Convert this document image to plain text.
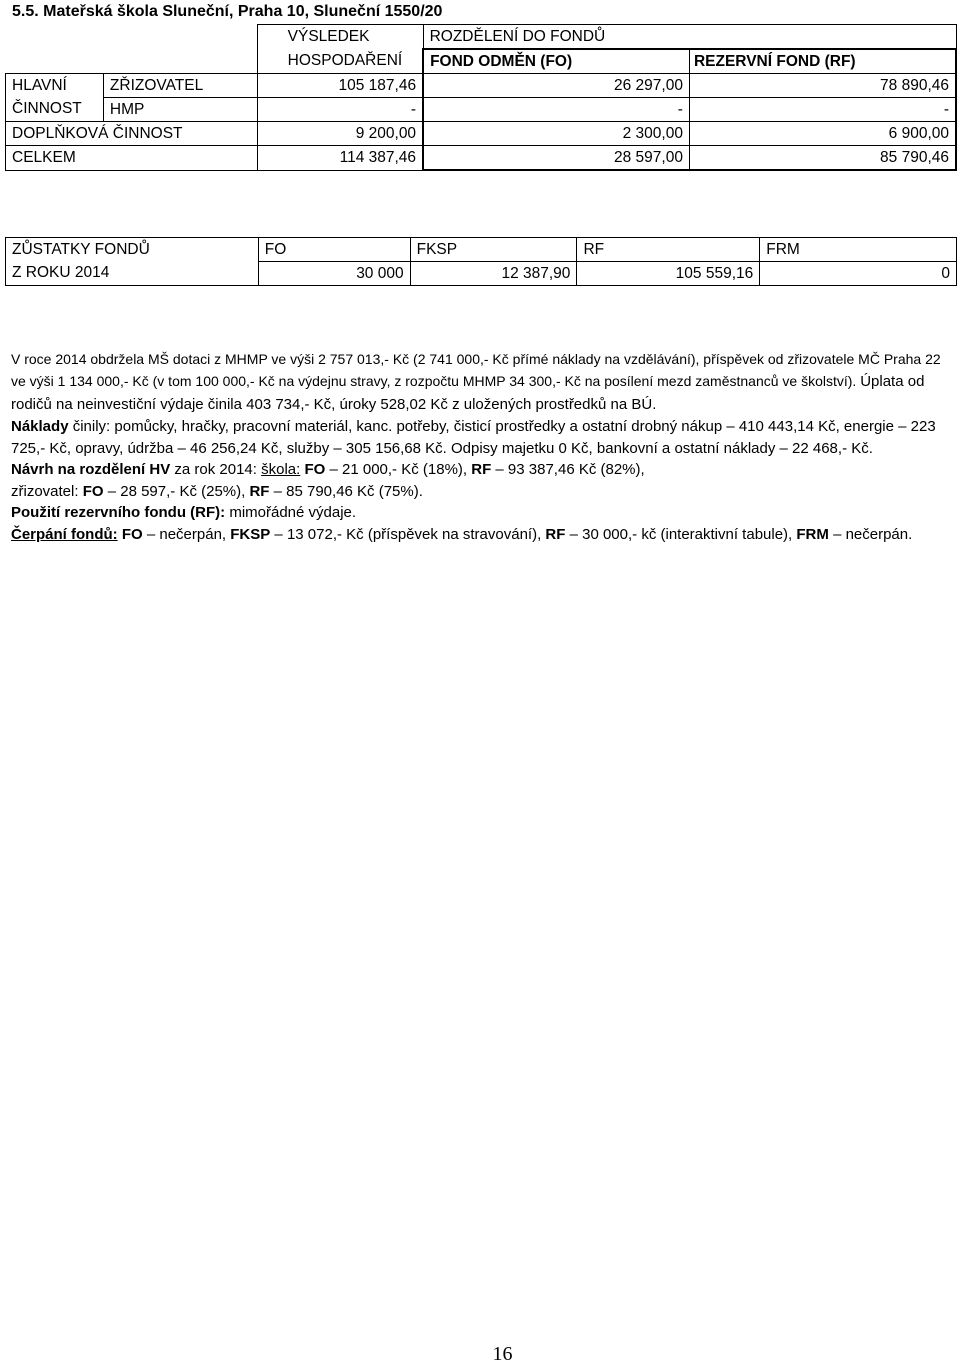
5.5. Mateřská škola Sluneční, Praha 10, Sluneční 1550/20
		VÝSLEDEK	ROZDĚLENÍ DO FONDŮ	
		HOSPODAŘENÍ	FOND ODMĚN (FO)	REZERVNÍ FOND (RF)

HLAVNÍ
ČINNOST	ZŘIZOVATEL	105 187,46	26 297,00	78 890,46
	HMP	-	-	-
DOPLŇKOVÁ ČINNOST		9 200,00	2 300,00	6 900,00
CELKEM		114 387,46	28 597,00	85 790,46
ZŮSTATKY FONDŮ	FO	FKSP	RF	FRM
Z ROKU 2014	30 000	12 387,90	105 559,16	0

V roce 2014 obdržela MŠ dotaci z MHMP ve výši 2 757 013,- Kč (2 741 000,- Kč přímé náklady na vzdělávání), příspěvek od zřizovatele MČ Praha 22 ve výši 1 134 000,- Kč (v tom 100 000,- Kč na výdejnu stravy, z rozpočtu MHMP 34 300,- Kč na posílení mezd zaměstnanců ve školství). Úplata od rodičů na neinvestiční výdaje činila 403 734,- Kč, úroky 528,02 Kč z uložených prostředků na BÚ.

Náklady činily: pomůcky, hračky, pracovní materiál, kanc. potřeby, čisticí prostředky a ostatní drobný nákup – 410 443,14 Kč, energie – 223 725,- Kč, opravy, údržba – 46 256,24 Kč, služby – 305 156,68 Kč. Odpisy majetku 0 Kč, bankovní a ostatní náklady – 22 468,- Kč.

Návrh na rozdělení HV za rok 2014: škola: FO – 21 000,- Kč (18%), RF – 93 387,46 Kč (82%),
zřizovatel: FO – 28 597,- Kč (25%), RF – 85 790,46 Kč (75%).

Použití rezervního fondu (RF): mimořádné výdaje.

Čerpání fondů: FO – nečerpán, FKSP – 13 072,- Kč (příspěvek na stravování), RF – 30 000,- kč (interaktivní tabule), FRM – nečerpán.

16
